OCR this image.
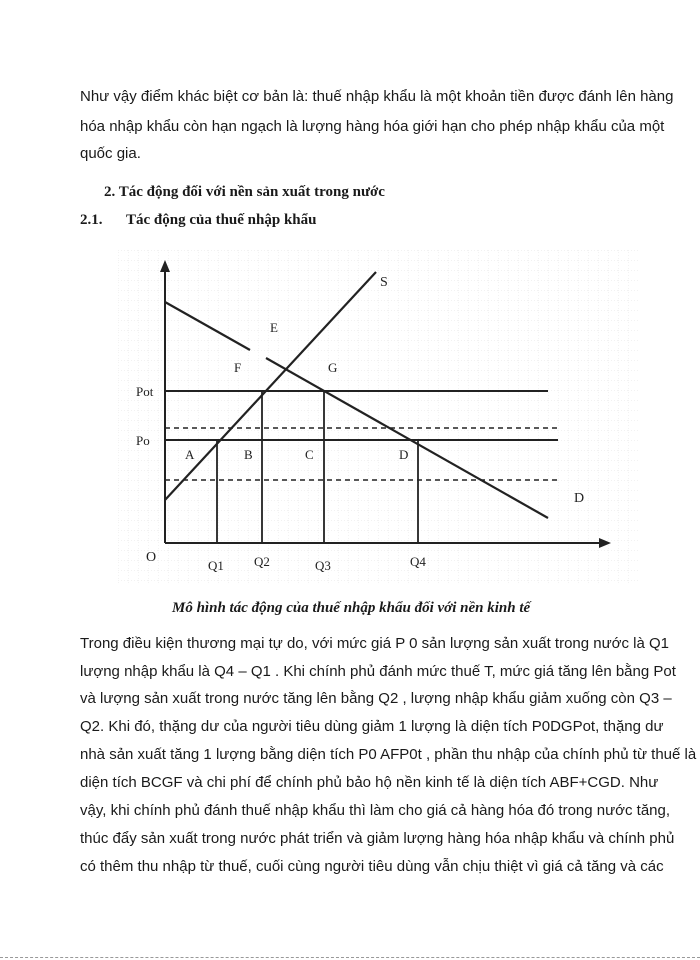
Như vậy điểm khác biệt cơ bản là: thuế nhập khẩu là một khoản tiền được đánh lên hàng
hóa nhập khẩu còn hạn ngạch là lượng hàng hóa giới hạn cho phép nhập khẩu của một
quốc gia.
2. Tác động đối với nền sản xuất trong nước
2.1. Tác động của thuế nhập khẩu
S
D
E
F	G
A	B	C	D
Pot
Po
O
Q1 Q2	Q3	Q4
Mô hình tác động của thuế nhập khẩu đối với nền kinh tế
Trong điều kiện thương mại tự do, với mức giá P 0 sản lượng sản xuất trong nước là Q1
lượng nhập khẩu là Q4 – Q1 . Khi chính phủ đánh mức thuế T, mức giá tăng lên bằng Pot
và lượng sản xuất trong nước tăng lên bằng Q2 , lượng nhập khẩu giảm xuống còn Q3 –
Q2. Khi đó, thặng dư của người tiêu dùng giảm 1 lượng là diện tích P0DGPot, thặng dư
nhà sản xuất tăng 1 lượng bằng diện tích P0 AFP0t , phần thu nhập của chính phủ từ thuế là
diện tích BCGF và chi phí để chính phủ bảo hộ nền kinh tế là diện tích ABF+CGD. Như
vậy, khi chính phủ đánh thuế nhập khẩu thì làm cho giá cả hàng hóa đó trong nước tăng,
thúc đẩy sản xuất trong nước phát triển và giảm lượng hàng hóa nhập khẩu và chính phủ
có thêm thu nhập từ thuế, cuối cùng người tiêu dùng vẫn chịu thiệt vì giá cả tăng và các
